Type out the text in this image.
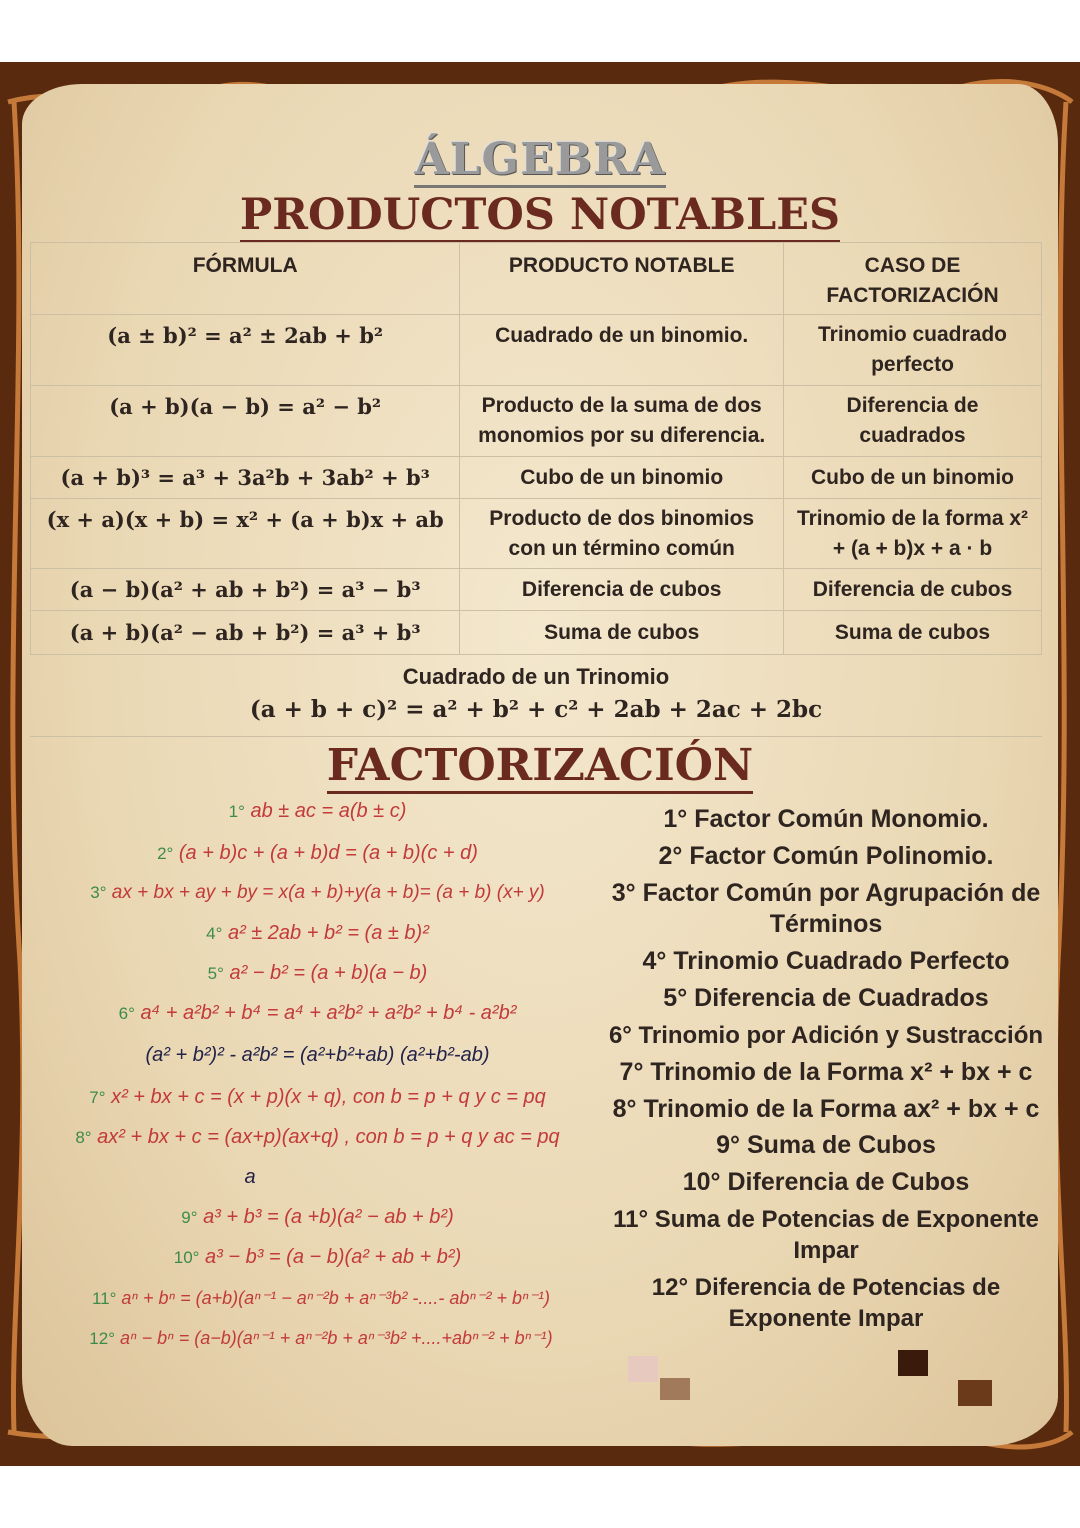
ÁLGEBRA
PRODUCTOS NOTABLES
FÓRMULA	PRODUCTO NOTABLE	CASO DE FACTORIZACIÓN
(a ± b)² = a² ± 2ab + b²	Cuadrado de un binomio.	Trinomio cuadrado perfecto
(a + b)(a − b) = a² − b²	Producto de la suma de dos monomios por su diferencia.	Diferencia de cuadrados
(a + b)³ = a³ + 3a²b + 3ab² + b³	Cubo de un binomio	Cubo de un binomio
(x + a)(x + b) = x² + (a + b)x + ab	Producto de dos binomios con un término común	Trinomio de la forma x² + (a + b)x + a · b
(a − b)(a² + ab + b²) = a³ − b³	Diferencia de cubos	Diferencia de cubos
(a + b)(a² − ab + b²) = a³ + b³	Suma de cubos	Suma de cubos
Cuadrado de un Trinomio
(a + b + c)² = a² + b² + c² + 2ab + 2ac + 2bc
FACTORIZACIÓN
1° ab ± ac = a(b ± c)
2° (a + b)c + (a + b)d = (a + b)(c + d)
3° ax + bx + ay + by = x(a + b)+y(a + b)= (a + b) (x+ y)
4° a² ± 2ab + b² = (a ± b)²
5° a² − b² = (a + b)(a − b)
6° a⁴ + a²b² + b⁴ = a⁴ + a²b² + a²b² + b⁴ - a²b²
(a² + b²)² - a²b² = (a²+b²+ab) (a²+b²-ab)
7° x² + bx + c = (x + p)(x + q), con b = p + q y c = pq
8° ax² + bx + c = (ax+p)(ax+q) , con b = p + q y ac = pq
a
9° a³ + b³ = (a +b)(a² − ab + b²)
10° a³ − b³ = (a − b)(a² + ab + b²)
11° aⁿ + bⁿ = (a+b)(aⁿ⁻¹ − aⁿ⁻²b + aⁿ⁻³b² -....- abⁿ⁻² + bⁿ⁻¹)
12° aⁿ − bⁿ = (a−b)(aⁿ⁻¹ + aⁿ⁻²b + aⁿ⁻³b² +....+abⁿ⁻² + bⁿ⁻¹)
1° Factor Común Monomio.
2° Factor Común Polinomio.
3° Factor Común por Agrupación de Términos
4° Trinomio Cuadrado Perfecto
5° Diferencia de Cuadrados
6° Trinomio por Adición y Sustracción
7° Trinomio de la Forma x² + bx + c
8° Trinomio de la Forma ax² + bx + c
9° Suma de Cubos
10° Diferencia de Cubos
11° Suma de Potencias de Exponente Impar
12° Diferencia de Potencias de Exponente Impar
